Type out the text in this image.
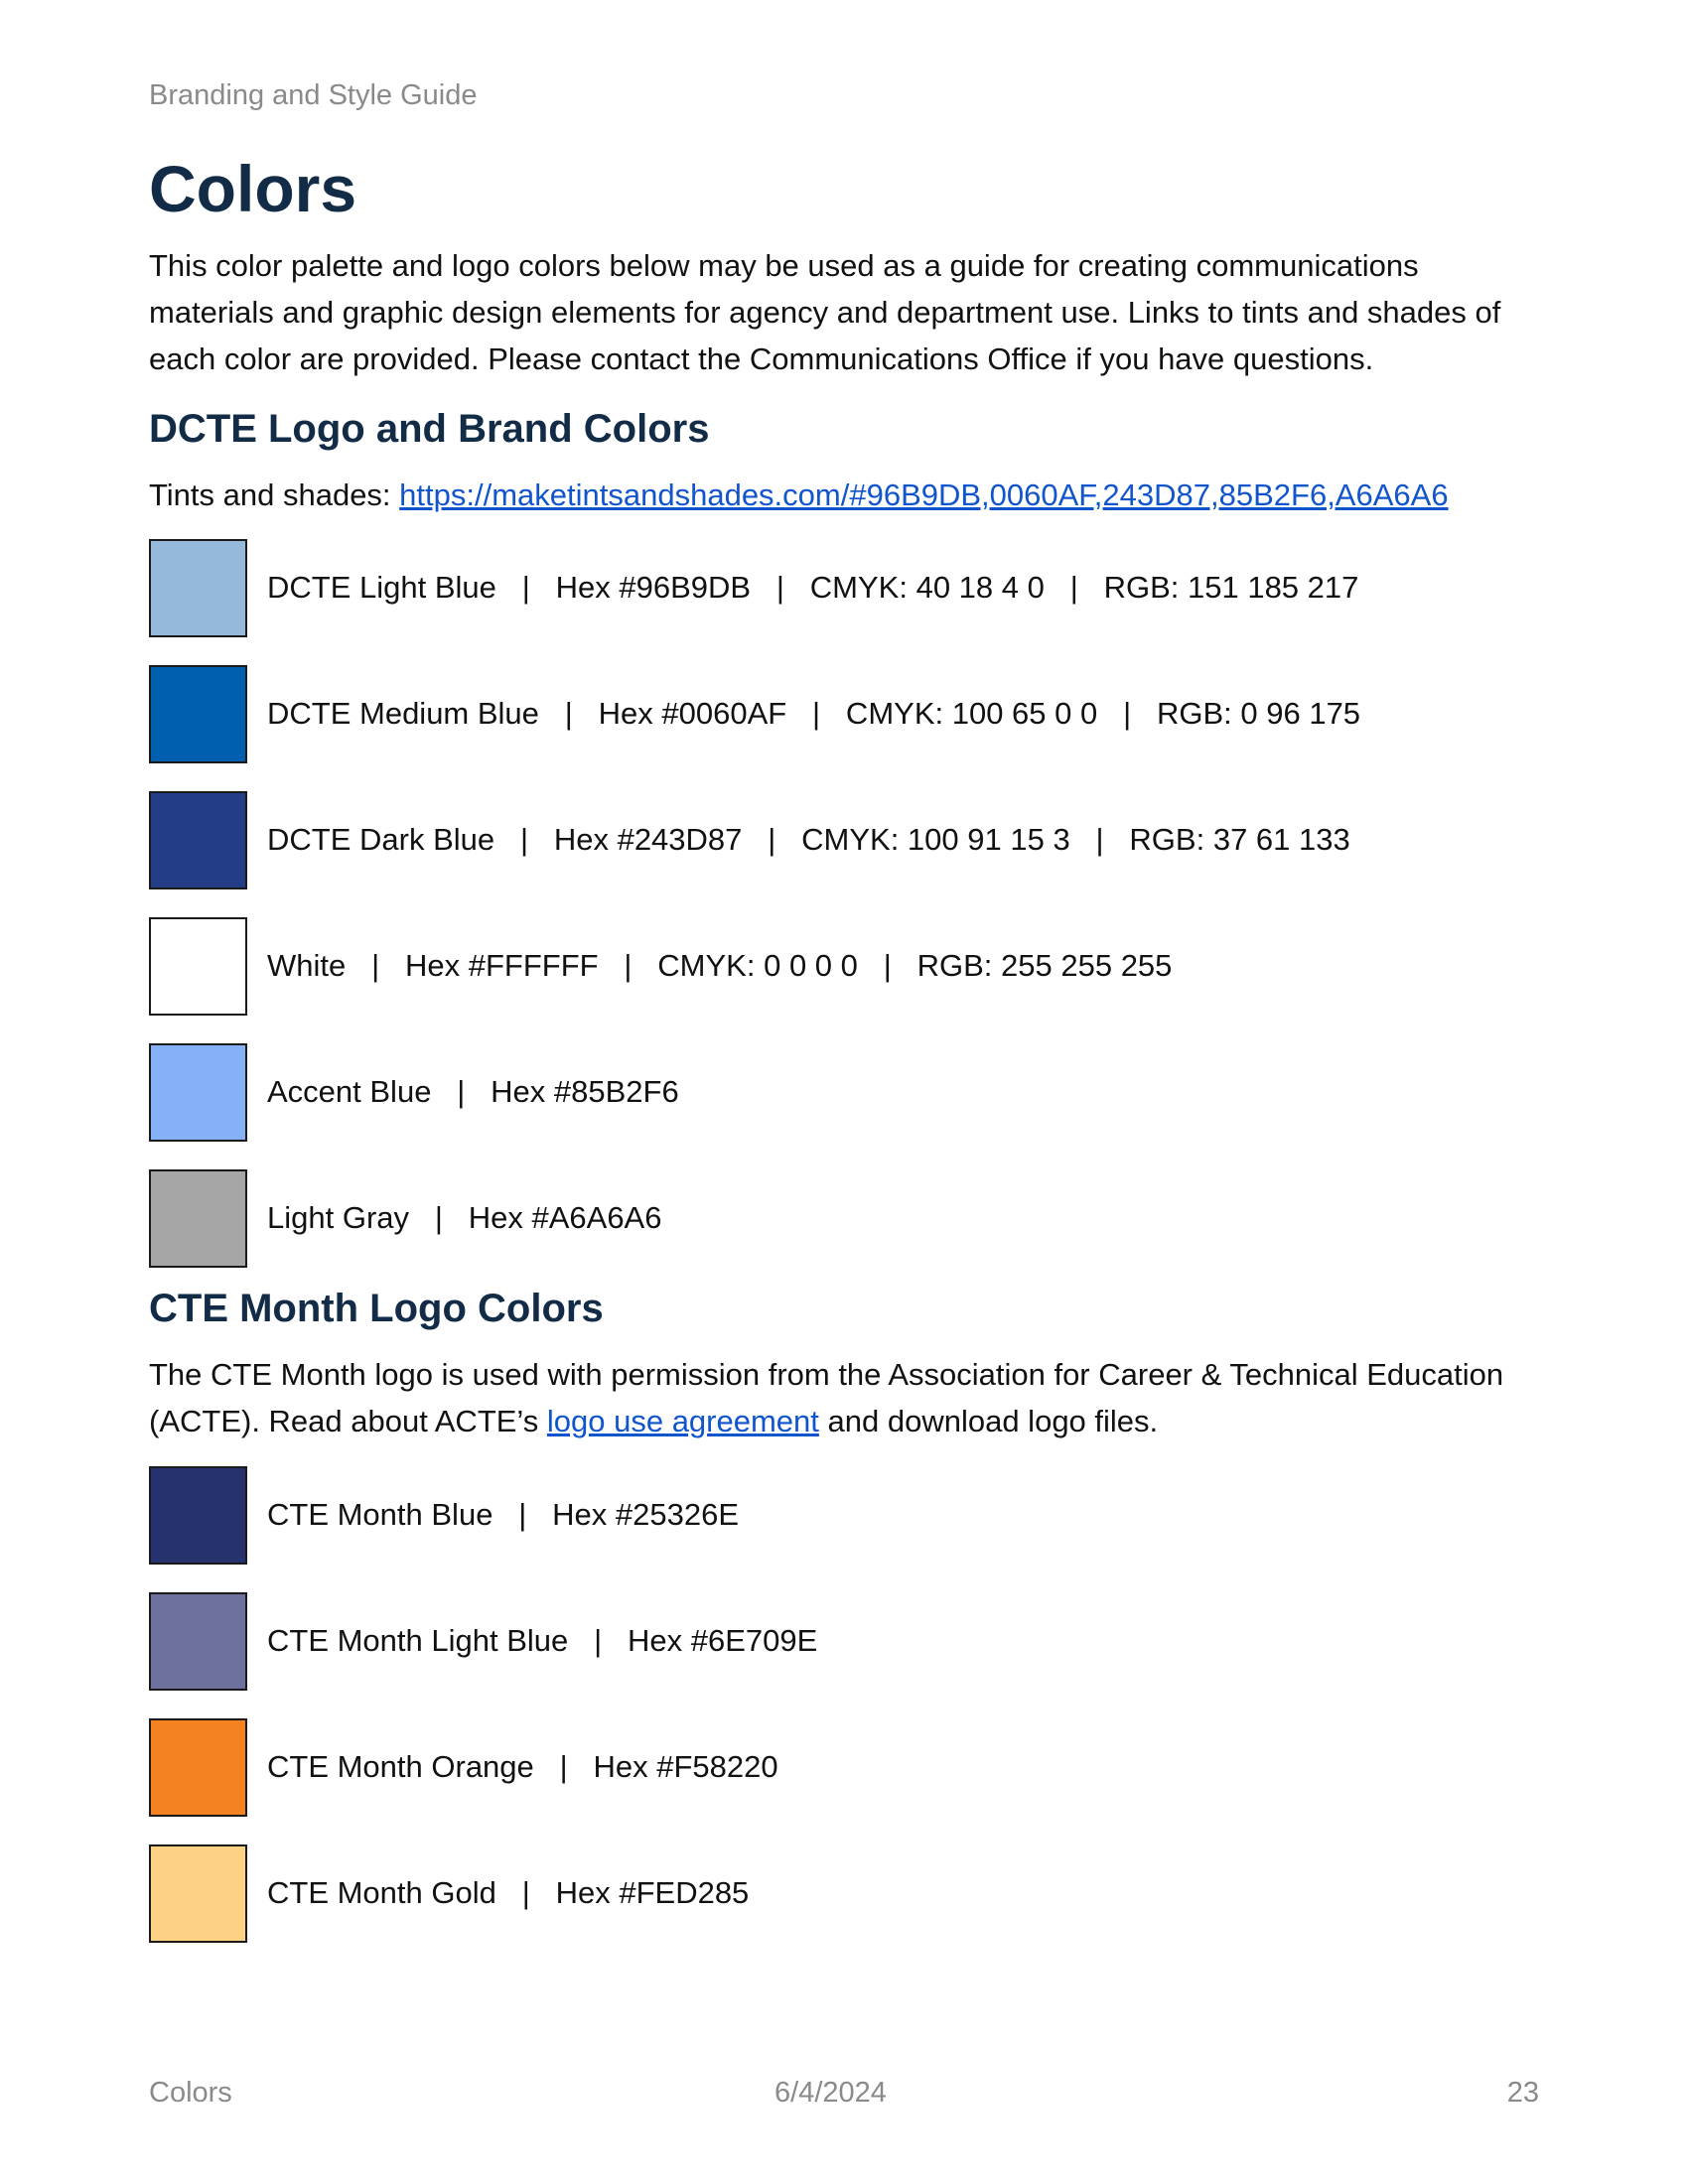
Branding and Style Guide
Colors

This color palette and logo colors below may be used as a guide for creating communications materials and graphic design elements for agency and department use. Links to tints and shades of each color are provided. Please contact the Communications Office if you have questions.

DCTE Logo and Brand Colors

Tints and shades: https://maketintsandshades.com/#96B9DB,0060AF,243D87,85B2F6,A6A6A6

DCTE Light Blue   |   Hex #96B9DB   |   CMYK: 40 18 4 0   |   RGB: 151 185 217
DCTE Medium Blue   |   Hex #0060AF   |   CMYK: 100 65 0 0   |   RGB: 0 96 175
DCTE Dark Blue   |   Hex #243D87   |   CMYK: 100 91 15 3   |   RGB: 37 61 133
White   |   Hex #FFFFFF   |   CMYK: 0 0 0 0   |   RGB: 255 255 255
Accent Blue   |   Hex #85B2F6
Light Gray   |   Hex #A6A6A6
CTE Month Logo Colors

The CTE Month logo is used with permission from the Association for Career & Technical Education (ACTE). Read about ACTE’s logo use agreement and download logo files.

CTE Month Blue   |   Hex #25326E
CTE Month Light Blue   |   Hex #6E709E
CTE Month Orange   |   Hex #F58220
CTE Month Gold   |   Hex #FED285
Colors	6/4/2024	23
